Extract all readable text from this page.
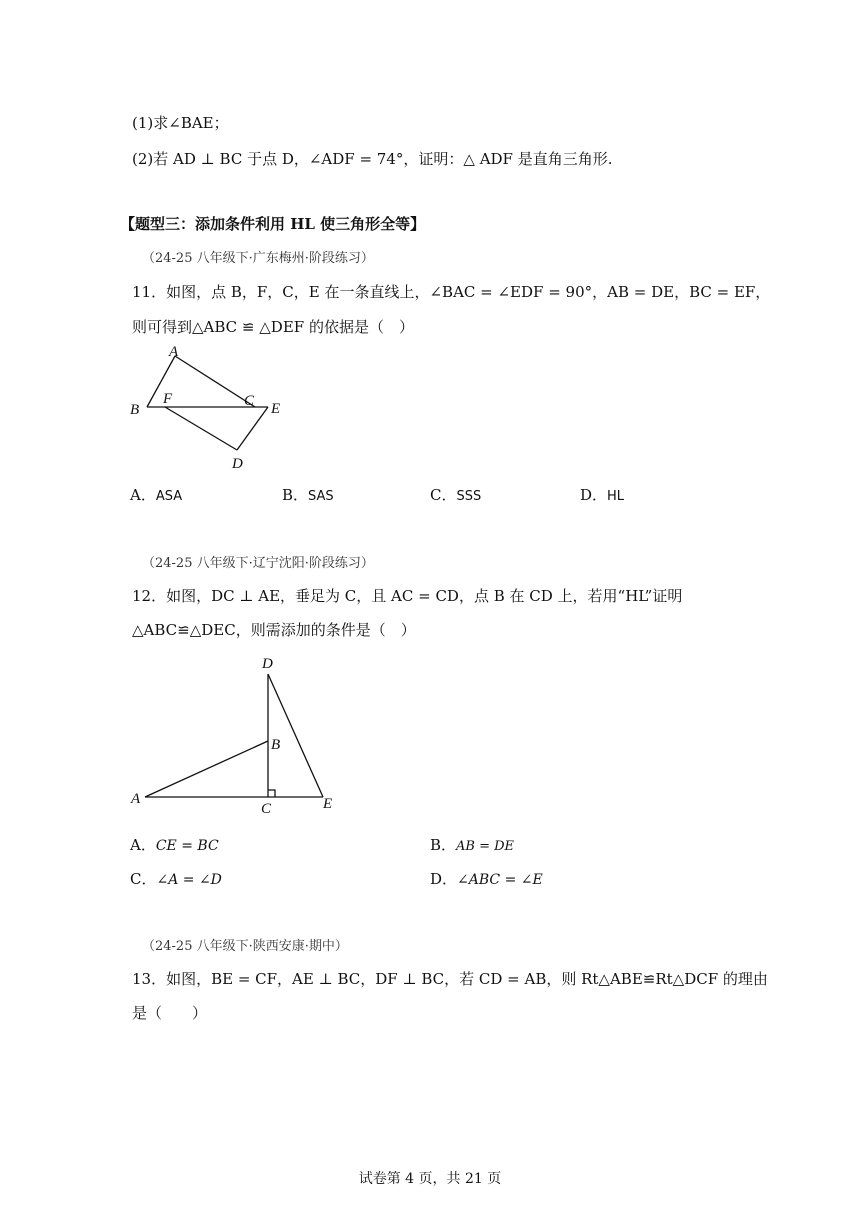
(1)求∠BAE；
(2)若 AD ⊥ BC 于点 D，∠ADF = 74°，证明：△ ADF 是直角三角形.
【题型三：添加条件利用 HL 使三角形全等】
（24-25 八年级下·广东梅州·阶段练习）
11．如图，点 B，F，C，E 在一条直线上，∠BAC = ∠EDF = 90°，AB = DE，BC = EF，
则可得到△ABC ≌ △DEF 的依据是（　）
A
B
F	C E
D
A．ASA	B．SAS	C．SSS	D．HL
（24-25 八年级下·辽宁沈阳·阶段练习）
12．如图，DC ⊥ AE，垂足为 C，且 AC = CD，点 B 在 CD 上，若用“HL”证明
△ABC≌△DEC，则需添加的条件是（　）
D
B
A
C	E
A．CE = BC	B．AB = DE
C．∠A = ∠D	D．∠ABC = ∠E
（24-25 八年级下·陕西安康·期中）
13．如图，BE = CF，AE ⊥ BC，DF ⊥ BC，若 CD = AB，则 Rt△ABE≌Rt△DCF 的理由
是（　　）
试卷第 4 页，共 21 页
